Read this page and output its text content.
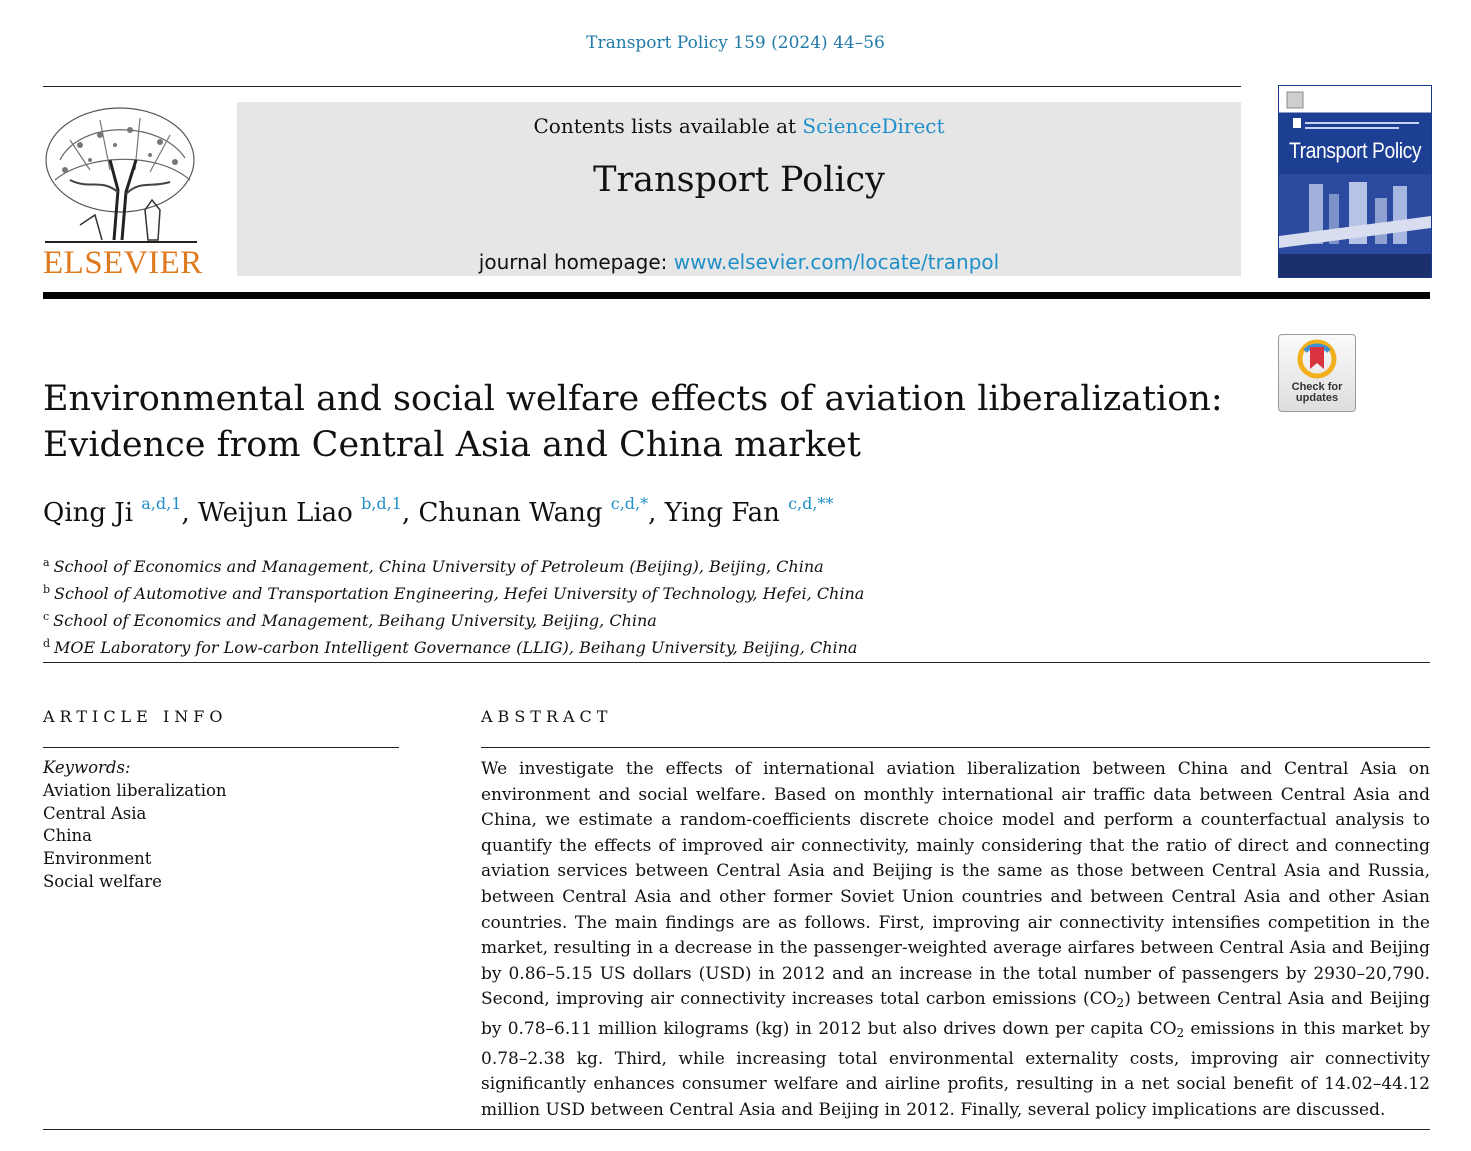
Transport Policy 159 (2024) 44–56
ELSEVIER
Contents lists available at ScienceDirect
Transport Policy
journal homepage: www.elsevier.com/locate/tranpol
Transport Policy
Check for
updates
Environmental and social welfare effects of aviation liberalization:
Evidence from Central Asia and China market
Qing Ji $^{a,d,1}$, Weijun Liao $^{b,d,1}$, Chunan Wang $^{c,d,*}$, Ying Fan $^{c,d,**}$
$^a$ School of Economics and Management, China University of Petroleum (Beijing), Beijing, China
$^b$ School of Automotive and Transportation Engineering, Hefei University of Technology, Hefei, China
$^c$ School of Economics and Management, Beihang University, Beijing, China
$^d$ MOE Laboratory for Low-carbon Intelligent Governance (LLIG), Beihang University, Beijing, China
ARTICLE INFO
Keywords:
Aviation liberalization
Central Asia
China
Environment
Social welfare
ABSTRACT
We investigate the effects of international aviation liberalization between China and Central Asia on environment and social welfare. Based on monthly international air traffic data between Central Asia and China, we estimate a random-coefficients discrete choice model and perform a counterfactual analysis to quantify the effects of improved air connectivity, mainly considering that the ratio of direct and connecting aviation services between Central Asia and Beijing is the same as those between Central Asia and Russia, between Central Asia and other former Soviet Union countries and between Central Asia and other Asian countries. The main findings are as follows. First, improving air connectivity intensifies competition in the market, resulting in a decrease in the passenger-weighted average airfares between Central Asia and Beijing by 0.86–5.15 US dollars (USD) in 2012 and an increase in the total number of passengers by 2930–20,790. Second, improving air connectivity increases total carbon emissions $(CO_2)$ between Central Asia and Beijing by 0.78–6.11 million kilograms (kg) in 2012 but also drives down per capita $CO_2$ emissions in this market by 0.78–2.38 kg. Third, while increasing total environmental externality costs, improving air connectivity significantly enhances consumer welfare and airline profits, resulting in a net social benefit of 14.02–44.12 million USD between Central Asia and Beijing in 2012. Finally, several policy implications are discussed.
